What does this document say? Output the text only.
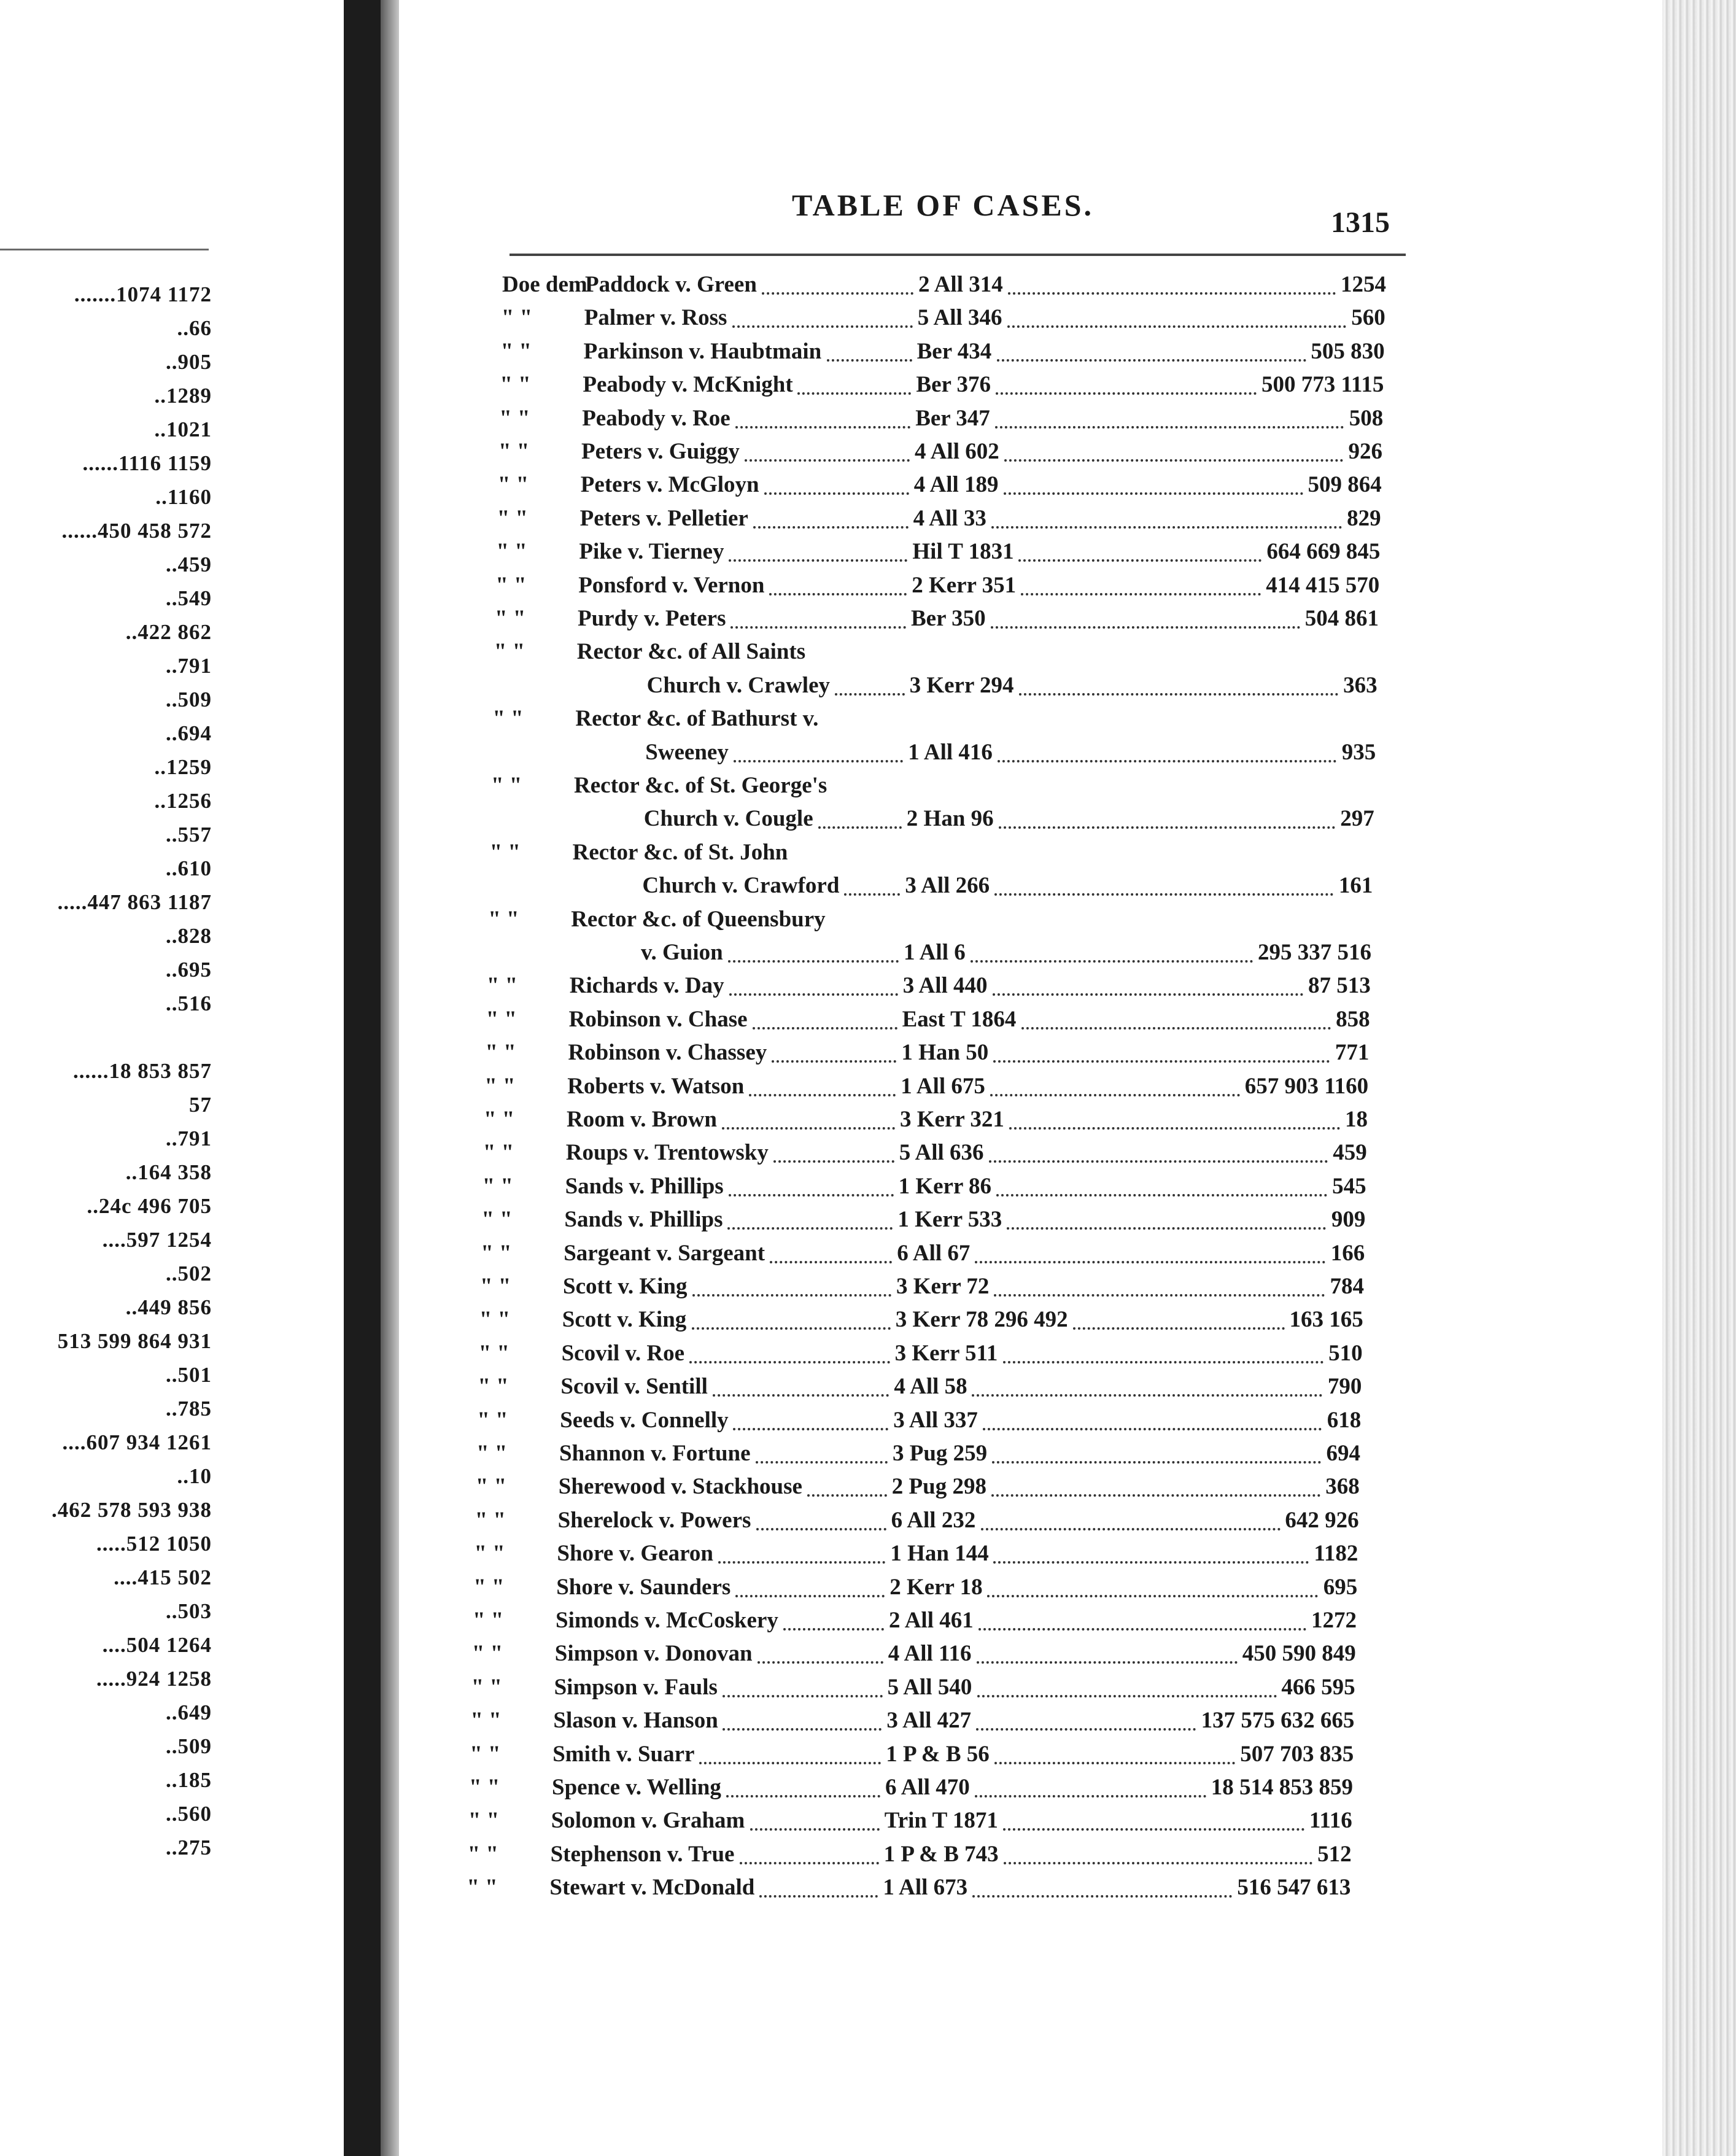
.......1074 1172
..66
..905
..1289
..1021
......1116 1159
..1160
......450 458 572
..459
..549
..422 862
..791
..509
..694
..1259
..1256
..557
..610
.....447 863 1187
..828
..695
..516
......18 853 857
57
..791
..164 358
..24c 496 705
....597 1254
..502
..449 856
513 599 864 931
..501
..785
....607 934 1261
..10
.462 578 593 938
.....512 1050
....415 502
..503
....504 1264
.....924 1258
..649
..509
..185
..560
..275
TABLE OF CASES.
1315
Doe dem
Paddock v. Green	2 All 314	1254
" "	Palmer v. Ross	5 All 346	560
" "	Parkinson v. Haubtmain	Ber 434	505 830
" "	Peabody v. McKnight	Ber 376	500 773 1115
" "	Peabody v. Roe	Ber 347	508
" "	Peters v. Guiggy	4 All 602	926
" "	Peters v. McGloyn	4 All 189	509 864
" "	Peters v. Pelletier	4 All 33	829
" "	Pike v. Tierney	Hil T 1831	664 669 845
" "	Ponsford v. Vernon	2 Kerr 351	414 415 570
" "	Purdy v. Peters	Ber 350	504 861
" "	Rector &c. of All Saints
Church v. Crawley	3 Kerr 294	363
" "	Rector &c. of Bathurst v.
Sweeney	1 All 416	935
" "	Rector &c. of St. George's
Church v. Cougle	2 Han 96	297
" "	Rector &c. of St. John
Church v. Crawford	3 All 266	161
" "	Rector &c. of Queensbury
v. Guion	1 All 6	295 337 516
" "	Richards v. Day	3 All 440	87 513
" "	Robinson v. Chase	East T 1864	858
" "	Robinson v. Chassey	1 Han 50	771
" "	Roberts v. Watson	1 All 675	657 903 1160
" "	Room v. Brown	3 Kerr 321	18
" "	Roups v. Trentowsky	5 All 636	459
" "	Sands v. Phillips	1 Kerr 86	545
" "	Sands v. Phillips	1 Kerr 533	909
" "	Sargeant v. Sargeant	6 All 67	166
" "	Scott v. King	3 Kerr 72	784
" "	Scott v. King	3 Kerr 78 296 492	163 165
" "	Scovil v. Roe	3 Kerr 511	510
" "	Scovil v. Sentill	4 All 58	790
" "	Seeds v. Connelly	3 All 337	618
" "	Shannon v. Fortune	3 Pug 259	694
" "	Sherewood v. Stackhouse	2 Pug 298	368
" "	Sherelock v. Powers	6 All 232	642 926
" "	Shore v. Gearon	1 Han 144	1182
" "	Shore v. Saunders	2 Kerr 18	695
" "	Simonds v. McCoskery	2 All 461	1272
" "	Simpson v. Donovan	4 All 116	450 590 849
" "	Simpson v. Fauls	5 All 540	466 595
" "	Slason v. Hanson	3 All 427	137 575 632 665
" "	Smith v. Suarr	1 P & B 56	507 703 835
" "	Spence v. Welling	6 All 470	18 514 853 859
" "	Solomon v. Graham	Trin T 1871	1116
" "	Stephenson v. True	1 P & B 743	512
" "	Stewart v. McDonald	1 All 673	516 547 613
